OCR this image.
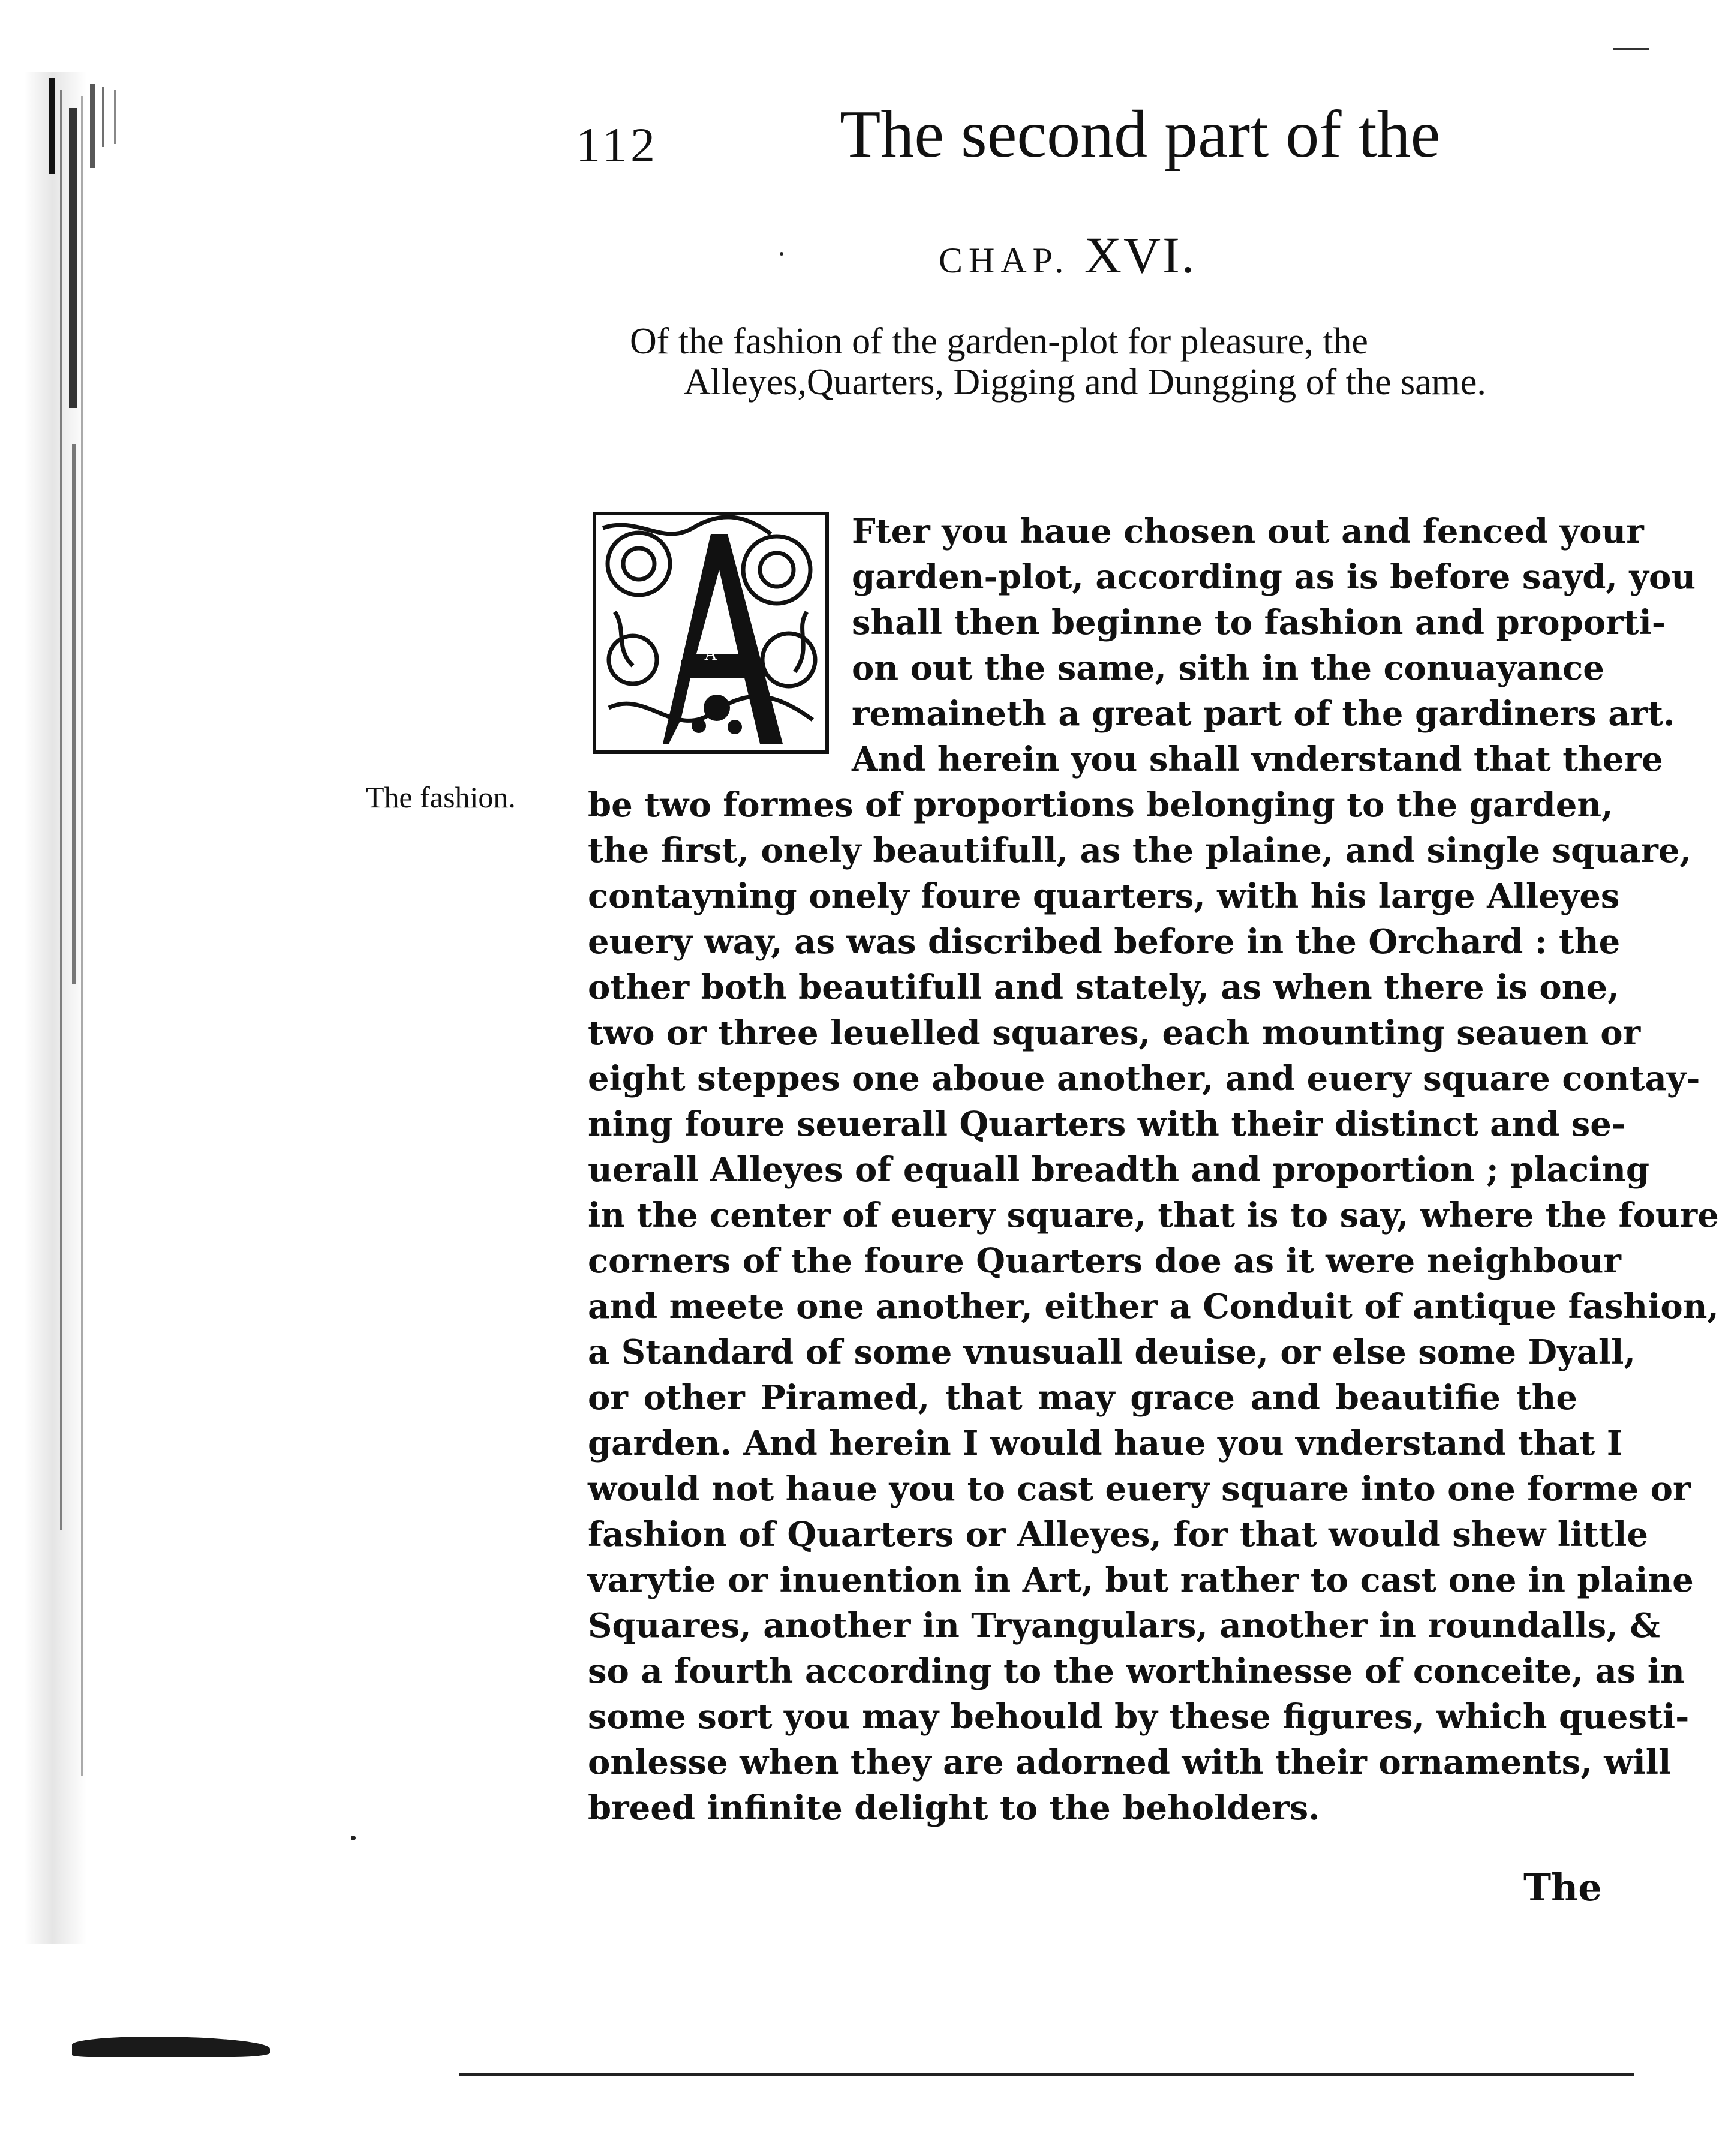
112	The second part of the
CHAP. XVI.
Of the fashion of the garden-plot for pleasure, the Alleyes,Quarters, Digging and Dungging of the same.
The fashion.
A
Fter you haue chosen out and fenced your
garden-plot, according as is before sayd, you
shall then beginne to fashion and proporti-
on out the same, sith in the conuayance
remaineth a great part of the gardiners art.
And herein you shall vnderstand that there
be two formes of proportions belonging to the garden,
the first, onely beautifull, as the plaine, and single square,
contayning onely foure quarters, with his large Alleyes
euery way, as was discribed before in the Orchard : the
other both beautifull and stately, as when there is one,
two or three leuelled squares, each mounting seauen or
eight steppes one aboue another, and euery square contay-
ning foure seuerall Quarters with their distinct and se-
uerall Alleyes of equall breadth and proportion ; placing
in the center of euery square, that is to say, where the foure
corners of the foure Quarters doe as it were neighbour
and meete one another, either a Conduit of antique fashion,
a Standard of some vnusuall deuise, or else some Dyall,
or other Piramed, that may grace and beautifie the
garden. And herein I would haue you vnderstand that I
would not haue you to cast euery square into one forme or
fashion of Quarters or Alleyes, for that would shew little
varytie or inuention in Art, but rather to cast one in plaine
Squares, another in Tryangulars, another in roundalls, &
so a fourth according to the worthinesse of conceite, as in
some sort you may behould by these figures, which questi-
onlesse when they are adorned with their ornaments, will
breed infinite delight to the beholders.
The
